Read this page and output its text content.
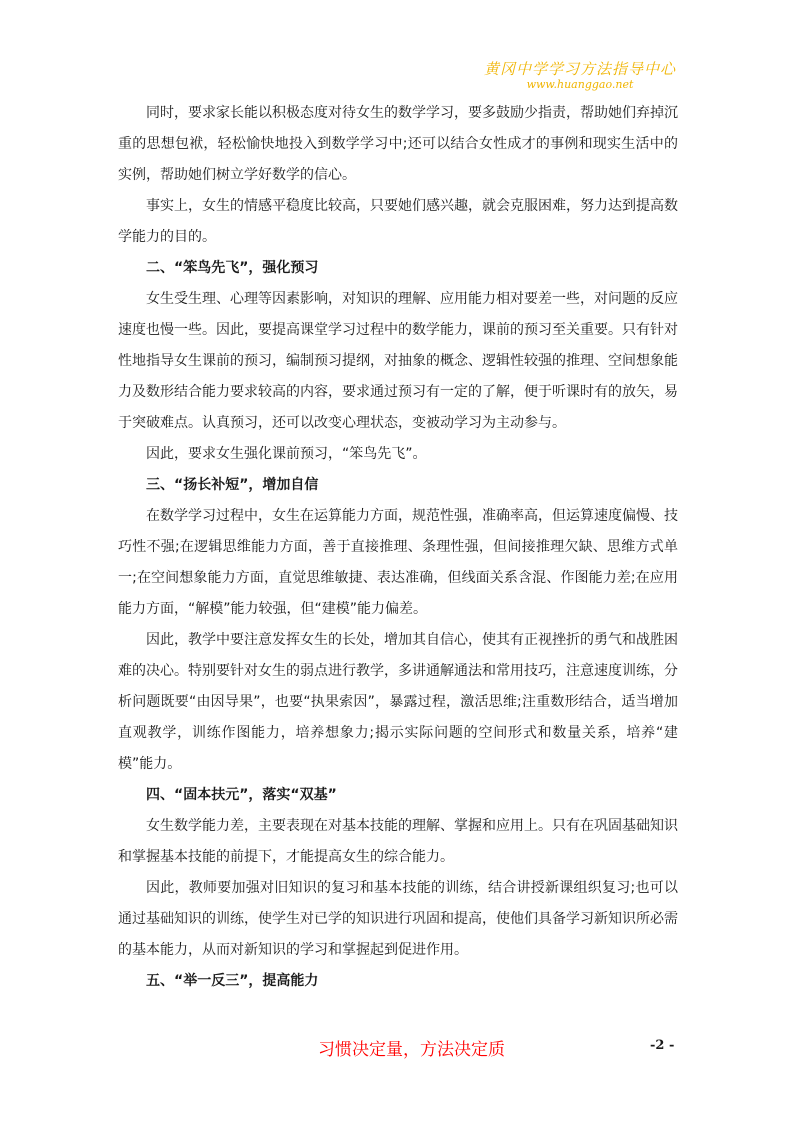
黄冈中学学习方法指导中心
www.huanggao.net

同时，要求家长能以积极态度对待女生的数学学习，要多鼓励少指责，帮助她们弃掉沉重的思想包袱，轻松愉快地投入到数学学习中;还可以结合女性成才的事例和现实生活中的实例，帮助她们树立学好数学的信心。

事实上，女生的情感平稳度比较高，只要她们感兴趣，就会克服困难，努力达到提高数学能力的目的。

二、“笨鸟先飞”，强化预习

女生受生理、心理等因素影响，对知识的理解、应用能力相对要差一些，对问题的反应速度也慢一些。因此，要提高课堂学习过程中的数学能力，课前的预习至关重要。只有针对性地指导女生课前的预习，编制预习提纲，对抽象的概念、逻辑性较强的推理、空间想象能力及数形结合能力要求较高的内容，要求通过预习有一定的了解，便于听课时有的放矢，易于突破难点。认真预习，还可以改变心理状态，变被动学习为主动参与。

因此，要求女生强化课前预习，“笨鸟先飞”。

三、“扬长补短”，增加自信

在数学学习过程中，女生在运算能力方面，规范性强，准确率高，但运算速度偏慢、技巧性不强;在逻辑思维能力方面，善于直接推理、条理性强，但间接推理欠缺、思维方式单一;在空间想象能力方面，直觉思维敏捷、表达准确，但线面关系含混、作图能力差;在应用能力方面，“解模”能力较强，但“建模”能力偏差。

因此，教学中要注意发挥女生的长处，增加其自信心，使其有正视挫折的勇气和战胜困难的决心。特别要针对女生的弱点进行教学，多讲通解通法和常用技巧，注意速度训练，分析问题既要“由因导果”，也要“执果索因”，暴露过程，激活思维;注重数形结合，适当增加直观教学，训练作图能力，培养想象力;揭示实际问题的空间形式和数量关系，培养“建模”能力。

四、“固本扶元”，落实“双基”

女生数学能力差，主要表现在对基本技能的理解、掌握和应用上。只有在巩固基础知识和掌握基本技能的前提下，才能提高女生的综合能力。

因此，教师要加强对旧知识的复习和基本技能的训练，结合讲授新课组织复习;也可以通过基础知识的训练，使学生对已学的知识进行巩固和提高，使他们具备学习新知识所必需的基本能力，从而对新知识的学习和掌握起到促进作用。

五、“举一反三”，提高能力

习惯决定量，方法决定质	-2 -
